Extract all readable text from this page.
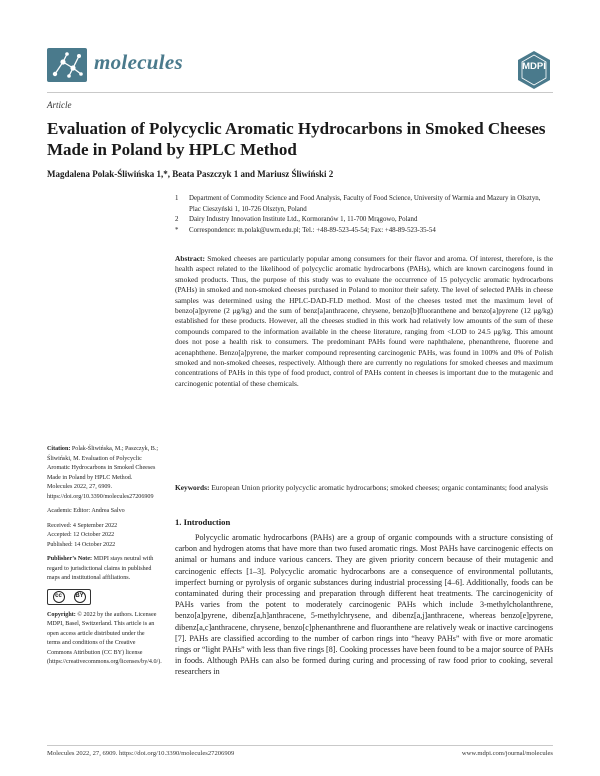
molecules	MDPI
Article
Evaluation of Polycyclic Aromatic Hydrocarbons in Smoked Cheeses Made in Poland by HPLC Method
Magdalena Polak-Śliwińska 1,*, Beata Paszczyk 1 and Mariusz Śliwiński 2
1	Department of Commodity Science and Food Analysis, Faculty of Food Science, University of Warmia and Mazury in Olsztyn, Plac Cieszyński 1, 10-726 Olsztyn, Poland
2	Dairy Industry Innovation Institute Ltd., Kormoranów 1, 11-700 Mrągowo, Poland
*	Correspondence: m.polak@uwm.edu.pl; Tel.: +48-89-523-45-54; Fax: +48-89-523-35-54
Abstract: Smoked cheeses are particularly popular among consumers for their flavor and aroma. Of interest, therefore, is the health aspect related to the likelihood of polycyclic aromatic hydrocarbons (PAHs), which are known carcinogens found in smoked products. Thus, the purpose of this study was to evaluate the occurrence of 15 polycyclic aromatic hydrocarbons (PAHs) in smoked and non-smoked cheeses purchased in Poland to monitor their safety. The level of selected PAHs in cheese samples was determined using the HPLC-DAD-FLD method. Most of the cheeses tested met the maximum level of benzo[a]pyrene (2 μg/kg) and the sum of benz[a]anthracene, chrysene, benzo[b]fluoranthene and benzo[a]pyrene (12 μg/kg) established for these products. However, all the cheeses studied in this work had relatively low amounts of the sum of these compounds compared to the information available in the cheese literature, ranging from <LOD to 24.5 μg/kg. This amount does not pose a health risk to consumers. The predominant PAHs found were naphthalene, phenanthrene, fluorene and acenaphthene. Benzo[a]pyrene, the marker compound representing carcinogenic PAHs, was found in 100% and 0% of Polish smoked and non-smoked cheeses, respectively. Although there are currently no regulations for smoked cheeses and maximum concentrations of PAHs in this type of food product, control of PAHs content in cheeses is important due to the mutagenic and carcinogenic potential of these chemicals.
Keywords: European Union priority polycyclic aromatic hydrocarbons; smoked cheeses; organic contaminants; food analysis
Citation: Polak-Śliwińska, M.; Paszczyk, B.; Śliwiński, M. Evaluation of Polycyclic Aromatic Hydrocarbons in Smoked Cheeses Made in Poland by HPLC Method. Molecules 2022, 27, 6909. https://doi.org/10.3390/molecules27206909
Academic Editor: Andrea Salvo
Received: 4 September 2022
Accepted: 12 October 2022
Published: 14 October 2022
Publisher’s Note: MDPI stays neutral with regard to jurisdictional claims in published maps and institutional affiliations.
cc	BY
Copyright: © 2022 by the authors. Licensee MDPI, Basel, Switzerland. This article is an open access article distributed under the terms and conditions of the Creative Commons Attribution (CC BY) license (https://creativecommons.org/licenses/by/4.0/).
1. Introduction
Polycyclic aromatic hydrocarbons (PAHs) are a group of organic compounds with a structure consisting of carbon and hydrogen atoms that have more than two fused aromatic rings. Most PAHs have carcinogenic effects on animal or humans and induce various cancers. They are given priority concern because of their mutagenic and carcinogenic effects [1–3]. Polycyclic aromatic hydrocarbons are a consequence of environmental pollutants, imperfect burning or pyrolysis of organic substances during industrial processing [4–6]. Additionally, foods can be contaminated during their processing and preparation through different heat treatments. The carcinogenicity of PAHs varies from the potent to moderately carcinogenic PAHs which include 3-methylcholanthrene, benzo[a]pyrene, dibenz[a,h]anthracene, 5-methylchrysene, and dibenz[a,j]anthracene, whereas benzo[e]pyrene, dibenz[a,c]anthracene, chrysene, benzo[c]phenanthrene and fluoranthene are relatively weak or inactive carcinogens [7]. PAHs are classified according to the number of carbon rings into “heavy PAHs” with five or more aromatic rings or “light PAHs” with less than five rings [8]. Cooking processes have been found to be a major source of PAHs in foods. Although PAHs can also be formed during curing and processing of raw food prior to cooking, several researchers in
Molecules 2022, 27, 6909. https://doi.org/10.3390/molecules27206909	www.mdpi.com/journal/molecules
